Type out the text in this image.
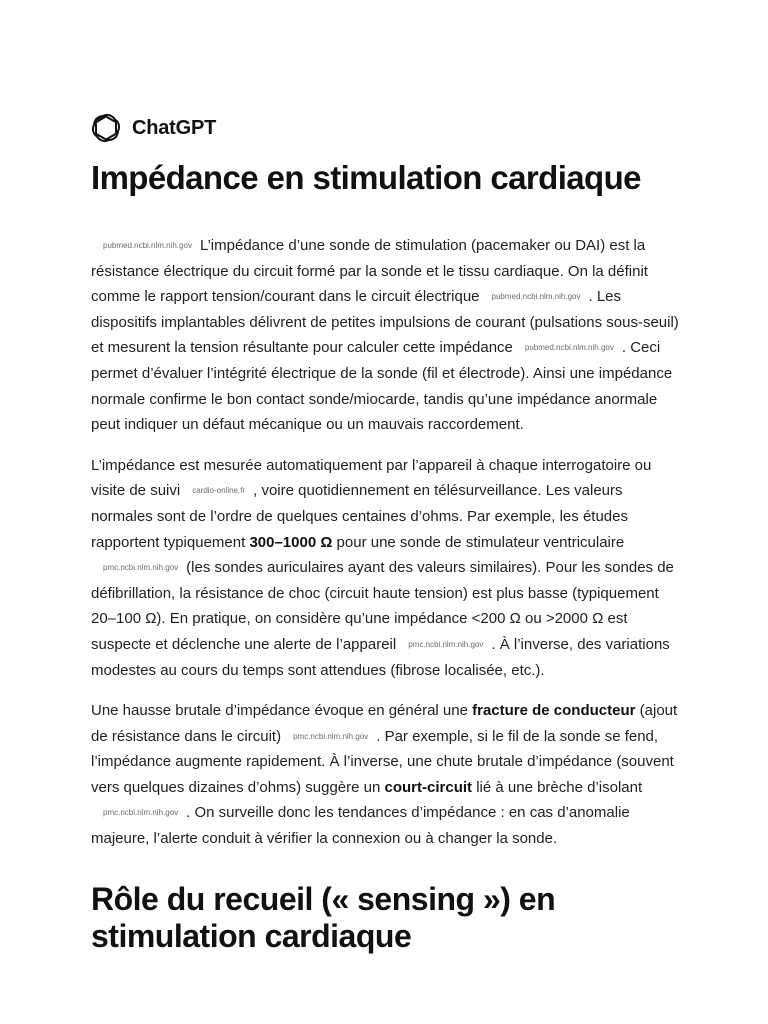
ChatGPT
Impédance en stimulation cardiaque

pubmed.ncbi.nlm.nih.gov L’impédance d’une sonde de stimulation (pacemaker ou DAI) est la résistance électrique du circuit formé par la sonde et le tissu cardiaque. On la définit comme le rapport tension/courant dans le circuit électrique pubmed.ncbi.nlm.nih.gov . Les dispositifs implantables délivrent de petites impulsions de courant (pulsations sous-seuil) et mesurent la tension résultante pour calculer cette impédance pubmed.ncbi.nlm.nih.gov . Ceci permet d’évaluer l’intégrité électrique de la sonde (fil et électrode). Ainsi une impédance normale confirme le bon contact sonde/miocarde, tandis qu’une impédance anormale peut indiquer un défaut mécanique ou un mauvais raccordement.

L’impédance est mesurée automatiquement par l’appareil à chaque interrogatoire ou visite de suivi cardio-online.fr , voire quotidiennement en télésurveillance. Les valeurs normales sont de l’ordre de quelques centaines d’ohms. Par exemple, les études rapportent typiquement 300–1000 Ω pour une sonde de stimulateur ventriculairepmc.ncbi.nlm.nih.gov (les sondes auriculaires ayant des valeurs similaires). Pour les sondes de défibrillation, la résistance de choc (circuit haute tension) est plus basse (typiquement 20–100 Ω). En pratique, on considère qu’une impédance <200 Ω ou >2000 Ω est suspecte et déclenche une alerte de l’appareil pmc.ncbi.nlm.nih.gov . À l’inverse, des variations modestes au cours du temps sont attendues (fibrose localisée, etc.).

Une hausse brutale d’impédance évoque en général une fracture de conducteur (ajout de résistance dans le circuit) pmc.ncbi.nlm.nih.gov . Par exemple, si le fil de la sonde se fend, l’impédance augmente rapidement. À l’inverse, une chute brutale d’impédance (souvent vers quelques dizaines d’ohms) suggère un court-circuit lié à une brèche d’isolantpmc.ncbi.nlm.nih.gov . On surveille donc les tendances d’impédance : en cas d’anomalie majeure, l’alerte conduit à vérifier la connexion ou à changer la sonde.

Rôle du recueil (« sensing ») en stimulation cardiaque
